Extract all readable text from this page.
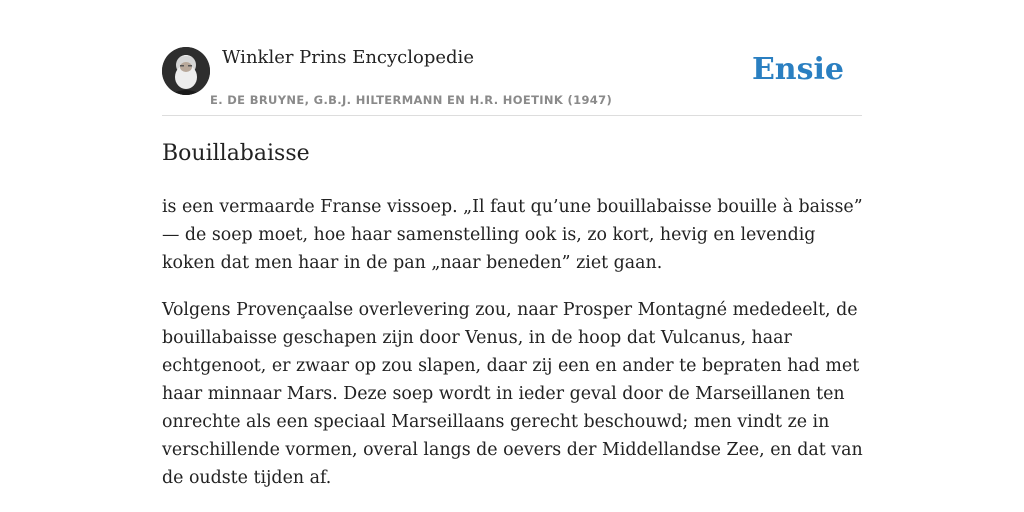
Winkler Prins Encyclopedie
E. DE BRUYNE, G.B.J. HILTERMANN EN H.R. HOETINK (1947)
Ensie
Bouillabaisse

is een vermaarde Franse vissoep. „Il faut qu’une bouillabaisse bouille à baisse” — de soep moet, hoe haar samenstelling ook is, zo kort, hevig en levendig koken dat men haar in de pan „naar beneden” ziet gaan.

Volgens Provençaalse overlevering zou, naar Prosper Montagné mededeelt, de bouillabaisse geschapen zijn door Venus, in de hoop dat Vulcanus, haar echtgenoot, er zwaar op zou slapen, daar zij een en ander te bepraten had met haar minnaar Mars. Deze soep wordt in ieder geval door de Marseillanen ten onrechte als een speciaal Marseillaans gerecht beschouwd; men vindt ze in verschillende vormen, overal langs de oevers der Middellandse Zee, en dat van de oudste tijden af.
